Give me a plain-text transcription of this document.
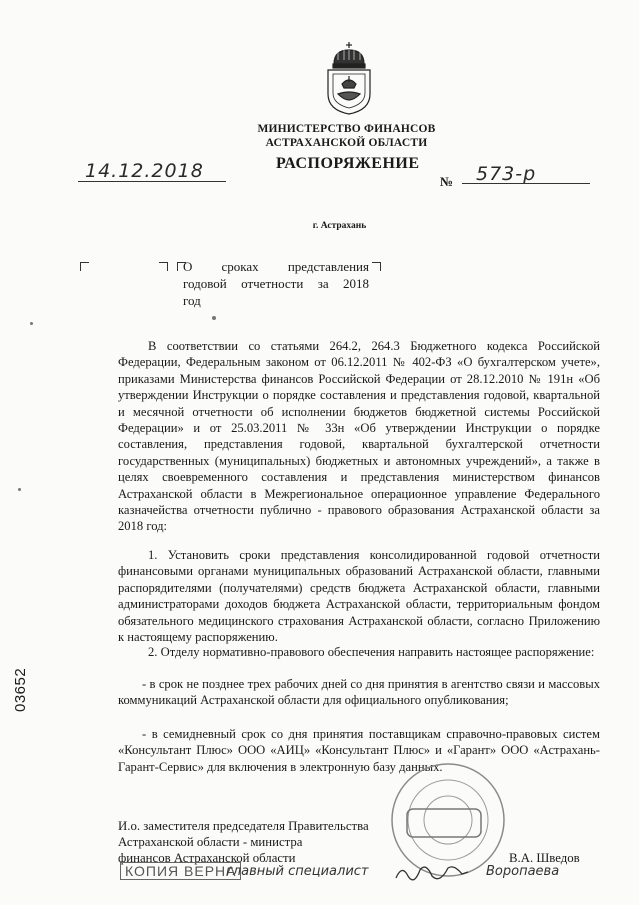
МИНИСТЕРСТВО ФИНАНСОВ
АСТРАХАНСКОЙ ОБЛАСТИ
14.12.2018	РАСПОРЯЖЕНИЕ
№ 573-р
г. Астрахань
О сроках представления
годовой отчетности за 2018
год
В соответствии со статьями 264.2, 264.3 Бюджетного кодекса Российской Федерации, Федеральным законом от 06.12.2011 № 402-ФЗ «О бухгалтерском учете», приказами Министерства финансов Российской Федерации от 28.12.2010 № 191н «Об утверждении Инструкции о порядке составления и представления годовой, квартальной и месячной отчетности об исполнении бюджетов бюджетной системы Российской Федерации» и от 25.03.2011 № 33н «Об утверждении Инструкции о порядке составления, представления годовой, квартальной бухгалтерской отчетности государственных (муниципальных) бюджетных и автономных учреждений», а также в целях своевременного составления и представления министерством финансов Астраханской области в Межрегиональное операционное управление Федерального казначейства отчетности публично - правового образования Астраханской области за 2018 год:
1. Установить сроки представления консолидированной годовой отчетности финансовыми органами муниципальных образований Астраханской области, главными распорядителями (получателями) средств бюджета Астраханской области, главными администраторами доходов бюджета Астраханской области, территориальным фондом обязательного медицинского страхования Астраханской области, согласно Приложению к настоящему распоряжению.
2. Отделу нормативно-правового обеспечения направить настоящее распоряжение:
- в срок не позднее трех рабочих дней со дня принятия в агентство связи и массовых коммуникаций Астраханской области для официального опубликования;
- в семидневный срок со дня принятия поставщикам справочно-правовых систем «Консультант Плюс» ООО «АИЦ» «Консультант Плюс» и «Гарант» ООО «Астрахань-Гарант-Сервис» для включения в электронную базу данных.
03652
И.о. заместителя председателя Правительства
Астраханской области - министра
финансов Астраханской области	В.А. Шведов
КОПИЯ ВЕРНА
главный специалист	Воропаева
